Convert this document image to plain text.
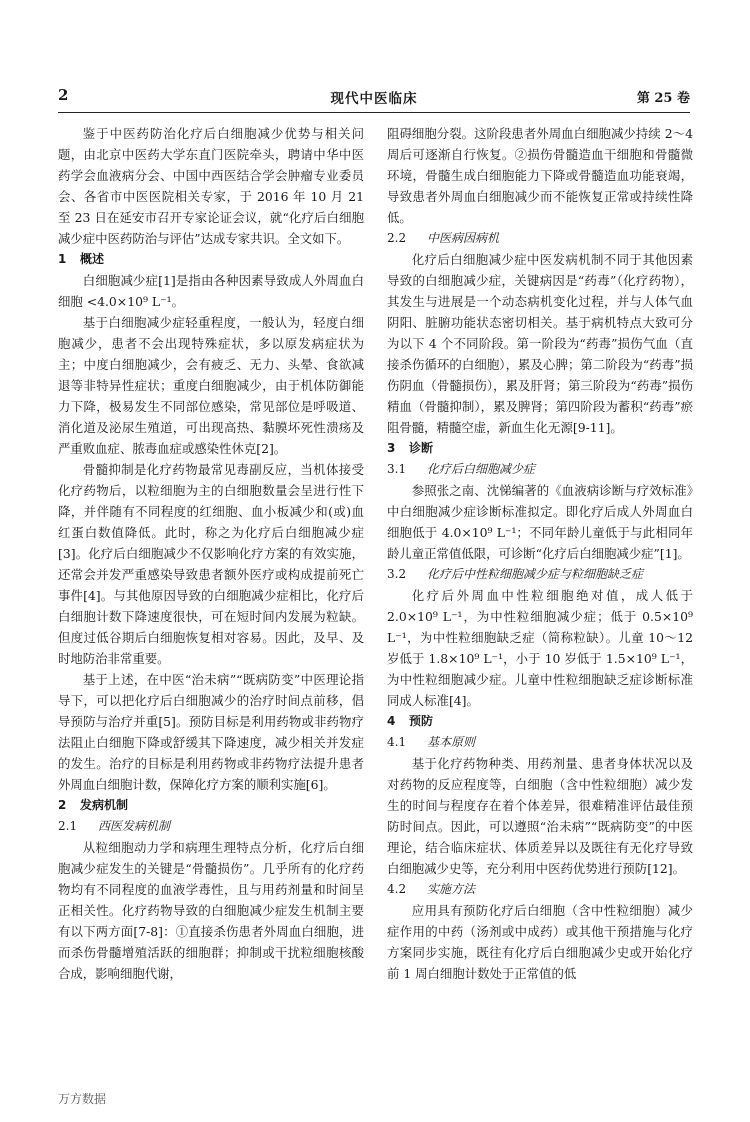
2	现代中医临床	第 25 卷

鉴于中医药防治化疗后白细胞减少优势与相关问题，由北京中医药大学东直门医院牵头，聘请中华中医药学会血液病分会、中国中西医结合学会肿瘤专业委员会、各省市中医医院相关专家，于 2016 年 10 月 21 至 23 日在延安市召开专家论证会议，就“化疗后白细胞减少症中医药防治与评估”达成专家共识。全文如下。

1 概述

白细胞减少症[1]是指由各种因素导致成人外周血白细胞 <4.0×10⁹ L⁻¹。

基于白细胞减少症轻重程度，一般认为，轻度白细胞减少，患者不会出现特殊症状，多以原发病症状为主；中度白细胞减少，会有疲乏、无力、头晕、食欲减退等非特异性症状；重度白细胞减少，由于机体防御能力下降，极易发生不同部位感染，常见部位是呼吸道、消化道及泌尿生殖道，可出现高热、黏膜坏死性溃疡及严重败血症、脓毒血症或感染性休克[2]。

骨髓抑制是化疗药物最常见毒副反应，当机体接受化疗药物后，以粒细胞为主的白细胞数量会呈进行性下降，并伴随有不同程度的红细胞、血小板减少和(或)血红蛋白数值降低。此时，称之为化疗后白细胞减少症[3]。化疗后白细胞减少不仅影响化疗方案的有效实施，还常会并发严重感染导致患者额外医疗或构成提前死亡事件[4]。与其他原因导致的白细胞减少症相比，化疗后白细胞计数下降速度很快，可在短时间内发展为粒缺。但度过低谷期后白细胞恢复相对容易。因此，及早、及时地防治非常重要。

基于上述，在中医“治未病”“既病防变”中医理论指导下，可以把化疗后白细胞减少的治疗时间点前移，倡导预防与治疗并重[5]。预防目标是利用药物或非药物疗法阻止白细胞下降或舒缓其下降速度，减少相关并发症的发生。治疗的目标是利用药物或非药物疗法提升患者外周血白细胞计数，保障化疗方案的顺利实施[6]。

2 发病机制
2.1 西医发病机制

从粒细胞动力学和病理生理特点分析，化疗后白细胞减少症发生的关键是“骨髓损伤”。几乎所有的化疗药物均有不同程度的血液学毒性，且与用药剂量和时间呈正相关性。化疗药物导致的白细胞减少症发生机制主要有以下两方面[7-8]：①直接杀伤患者外周血白细胞，进而杀伤骨髓增殖活跃的细胞群；抑制或干扰粒细胞核酸合成，影响细胞代谢，

阻碍细胞分裂。这阶段患者外周血白细胞减少持续 2～4 周后可逐渐自行恢复。②损伤骨髓造血干细胞和骨髓微环境，骨髓生成白细胞能力下降或骨髓造血功能衰竭，导致患者外周血白细胞减少而不能恢复正常或持续性降低。

2.2 中医病因病机

化疗后白细胞减少症中医发病机制不同于其他因素导致的白细胞减少症，关键病因是“药毒”（化疗药物），其发生与进展是一个动态病机变化过程，并与人体气血阴阳、脏腑功能状态密切相关。基于病机特点大致可分为以下 4 个不同阶段。第一阶段为“药毒”损伤气血（直接杀伤循环的白细胞），累及心脾；第二阶段为“药毒”损伤阴血（骨髓损伤），累及肝肾；第三阶段为“药毒”损伤精血（骨髓抑制），累及脾肾；第四阶段为蓄积“药毒”瘀阻骨髓，精髓空虚，新血生化无源[9-11]。

3 诊断
3.1 化疗后白细胞减少症

参照张之南、沈悌编著的《血液病诊断与疗效标准》中白细胞减少症诊断标准拟定。即化疗后成人外周血白细胞低于 4.0×10⁹ L⁻¹；不同年龄儿童低于与此相同年龄儿童正常值低限，可诊断“化疗后白细胞减少症”[1]。

3.2 化疗后中性粒细胞减少症与粒细胞缺乏症

化疗后外周血中性粒细胞绝对值，成人低于2.0×10⁹ L⁻¹，为中性粒细胞减少症；低于 0.5×10⁹ L⁻¹，为中性粒细胞缺乏症（简称粒缺）。儿童 10～12 岁低于 1.8×10⁹ L⁻¹，小于 10 岁低于 1.5×10⁹ L⁻¹，为中性粒细胞减少症。儿童中性粒细胞缺乏症诊断标准同成人标准[4]。

4 预防
4.1 基本原则

基于化疗药物种类、用药剂量、患者身体状况以及对药物的反应程度等，白细胞（含中性粒细胞）减少发生的时间与程度存在着个体差异，很难精准评估最佳预防时间点。因此，可以遵照“治未病”“既病防变”的中医理论，结合临床症状、体质差异以及既往有无化疗导致白细胞减少史等，充分利用中医药优势进行预防[12]。

4.2 实施方法

应用具有预防化疗后白细胞（含中性粒细胞）减少症作用的中药（汤剂或中成药）或其他干预措施与化疗方案同步实施，既往有化疗后白细胞减少史或开始化疗前 1 周白细胞计数处于正常值的低

万方数据
